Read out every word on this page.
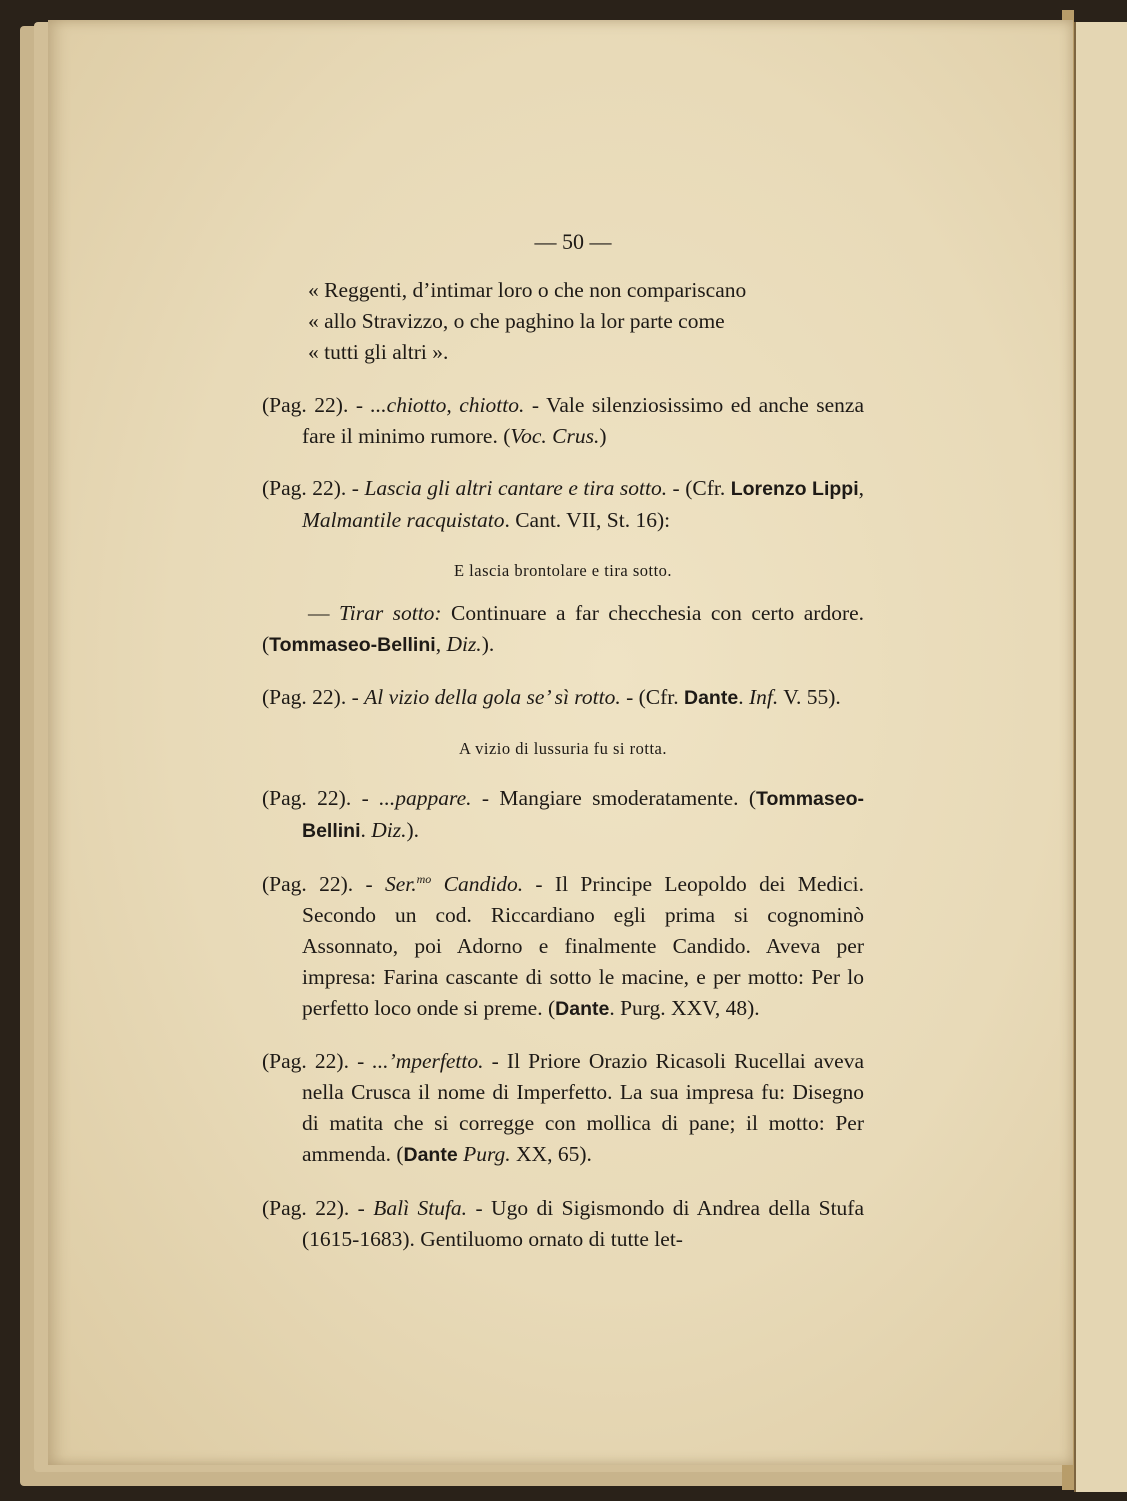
— 50 —

« Reggenti, d’intimar loro o che non compariscano

« allo Stravizzo, o che paghino la lor parte come

« tutti gli altri ».

(Pag. 22). - ...chiotto, chiotto. - Vale silenziosissimo ed anche senza fare il minimo rumore. (Voc. Crus.)

(Pag. 22). - Lascia gli altri cantare e tira sotto. - (Cfr. Lorenzo Lippi, Malmantile racquistato. Cant. VII, St. 16):

E lascia brontolare e tira sotto.

— Tirar sotto: Continuare a far checchesia con certo ardore. (Tommaseo-Bellini, Diz.).

(Pag. 22). - Al vizio della gola se’ sì rotto. - (Cfr. Dante. Inf. V. 55).

A vizio di lussuria fu si rotta.

(Pag. 22). - ...pappare. - Mangiare smoderatamente. (Tommaseo-Bellini. Diz.).

(Pag. 22). - Ser.$^{mo}$ Candido. - Il Principe Leopoldo dei Medici. Secondo un cod. Riccardiano egli prima si cognominò Assonnato, poi Adorno e finalmente Candido. Aveva per impresa: Farina cascante di sotto le macine, e per motto: Per lo perfetto loco onde si preme. (Dante. Purg. XXV, 48).

(Pag. 22). - ...’mperfetto. - Il Priore Orazio Ricasoli Rucellai aveva nella Crusca il nome di Imperfetto. La sua impresa fu: Disegno di matita che si corregge con mollica di pane; il motto: Per ammenda. (Dante Purg. XX, 65).

(Pag. 22). - Balì Stufa. - Ugo di Sigismondo di Andrea della Stufa (1615-1683). Gentiluomo ornato di tutte let-
